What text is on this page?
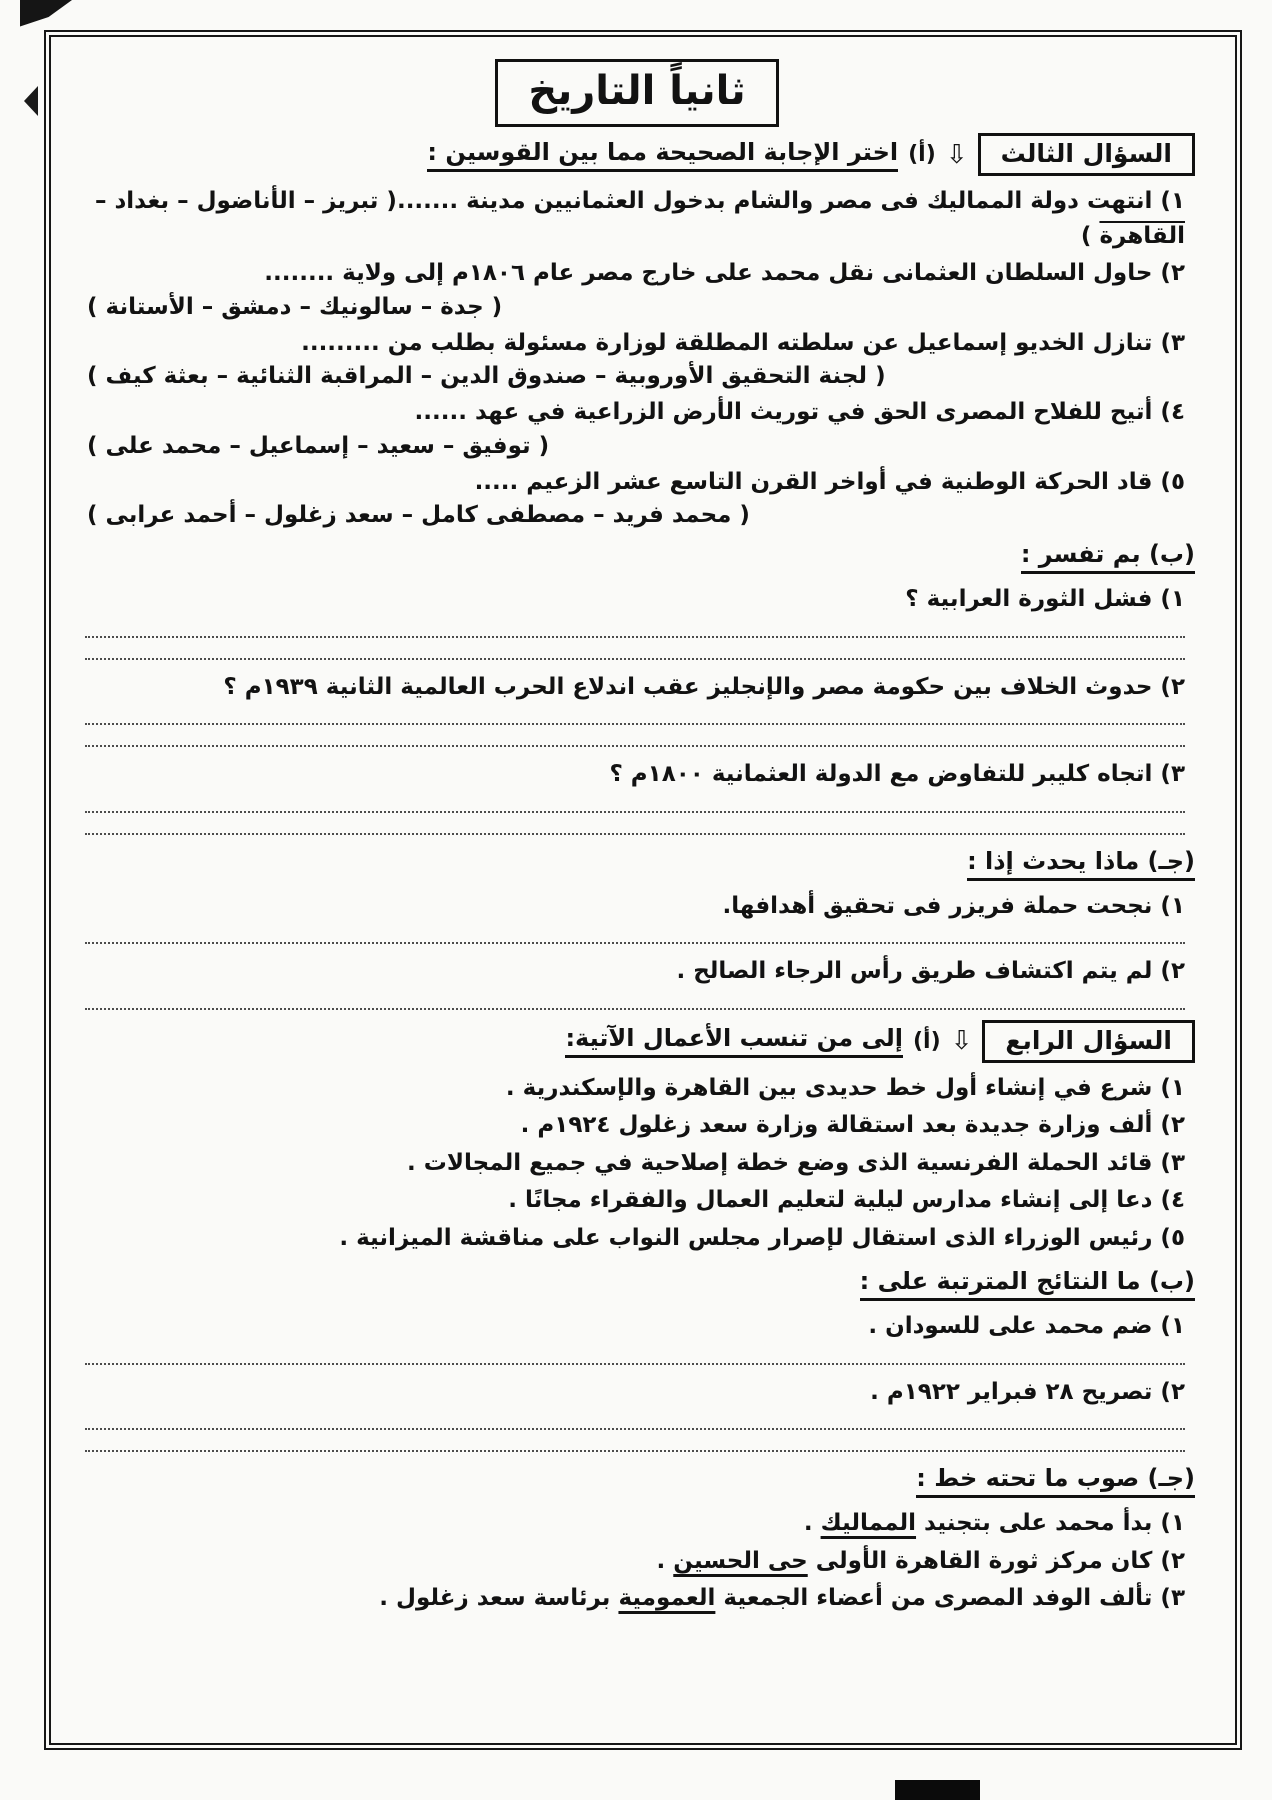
ثانياً التاريخ
السؤال الثالث
⇩
(أ)
اختر الإجابة الصحيحة مما بين القوسين :
١) انتهت دولة المماليك فى مصر والشام بدخول العثمانيين مدينة .......( تبريز – الأناضول – بغداد – القاهرة )
٢) حاول السلطان العثمانى نقل محمد على خارج مصر عام ١٨٠٦م إلى ولاية ........
( جدة – سالونيك – دمشق – الأستانة )
٣) تنازل الخديو إسماعيل عن سلطته المطلقة لوزارة مسئولة بطلب من .........
( لجنة التحقيق الأوروبية – صندوق الدين – المراقبة الثنائية – بعثة كيف )
٤) أتيح للفلاح المصرى الحق في توريث الأرض الزراعية في عهد ......
( توفيق – سعيد – إسماعيل – محمد على )
٥) قاد الحركة الوطنية في أواخر القرن التاسع عشر الزعيم .....
( محمد فريد – مصطفى كامل – سعد زغلول – أحمد عرابى )
(ب) بم تفسر :
١) فشل الثورة العرابية ؟
٢) حدوث الخلاف بين حكومة مصر والإنجليز عقب اندلاع الحرب العالمية الثانية ١٩٣٩م ؟
٣) اتجاه كليبر للتفاوض مع الدولة العثمانية ١٨٠٠م ؟
(جـ) ماذا يحدث إذا :
١) نجحت حملة فريزر فى تحقيق أهدافها.
٢) لم يتم اكتشاف طريق رأس الرجاء الصالح .
السؤال الرابع
⇩
(أ)
إلى من تنسب الأعمال الآتية:
١) شرع في إنشاء أول خط حديدى بين القاهرة والإسكندرية .
٢) ألف وزارة جديدة بعد استقالة وزارة سعد زغلول ١٩٢٤م .
٣) قائد الحملة الفرنسية الذى وضع خطة إصلاحية في جميع المجالات .
٤) دعا إلى إنشاء مدارس ليلية لتعليم العمال والفقراء مجانًا .
٥) رئيس الوزراء الذى استقال لإصرار مجلس النواب على مناقشة الميزانية .
(ب) ما النتائج المترتبة على :
١) ضم محمد على للسودان .
٢) تصريح ٢٨ فبراير ١٩٢٢م .
(جـ) صوب ما تحته خط :
١) بدأ محمد على بتجنيد المماليك .
٢) كان مركز ثورة القاهرة الأولى حى الحسين .
٣) تألف الوفد المصرى من أعضاء الجمعية العمومية برئاسة سعد زغلول .
